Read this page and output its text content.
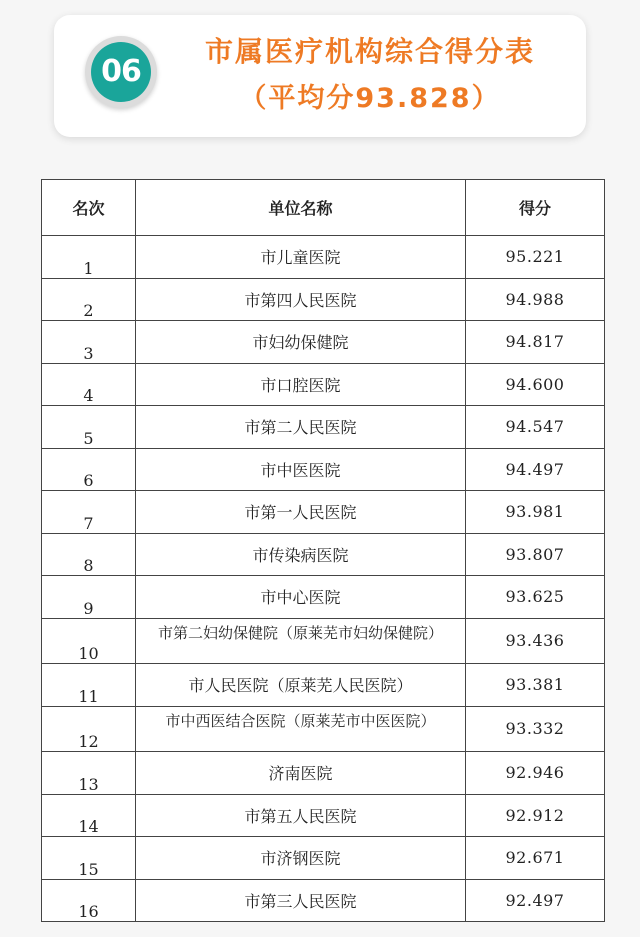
06
市属医疗机构综合得分表
（平均分93.828）
名次	单位名称	得分
1	市儿童医院	95.221
2	市第四人民医院	94.988
3	市妇幼保健院	94.817
4	市口腔医院	94.600
5	市第二人民医院	94.547
6	市中医医院	94.497
7	市第一人民医院	93.981
8	市传染病医院	93.807
9	市中心医院	93.625
10	市第二妇幼保健院（原莱芜市妇幼保健院）	93.436
11	市人民医院（原莱芜人民医院）	93.381
12	市中西医结合医院（原莱芜市中医医院）	93.332
13	济南医院	92.946
14	市第五人民医院	92.912
15	市济钢医院	92.671
16	市第三人民医院	92.497
